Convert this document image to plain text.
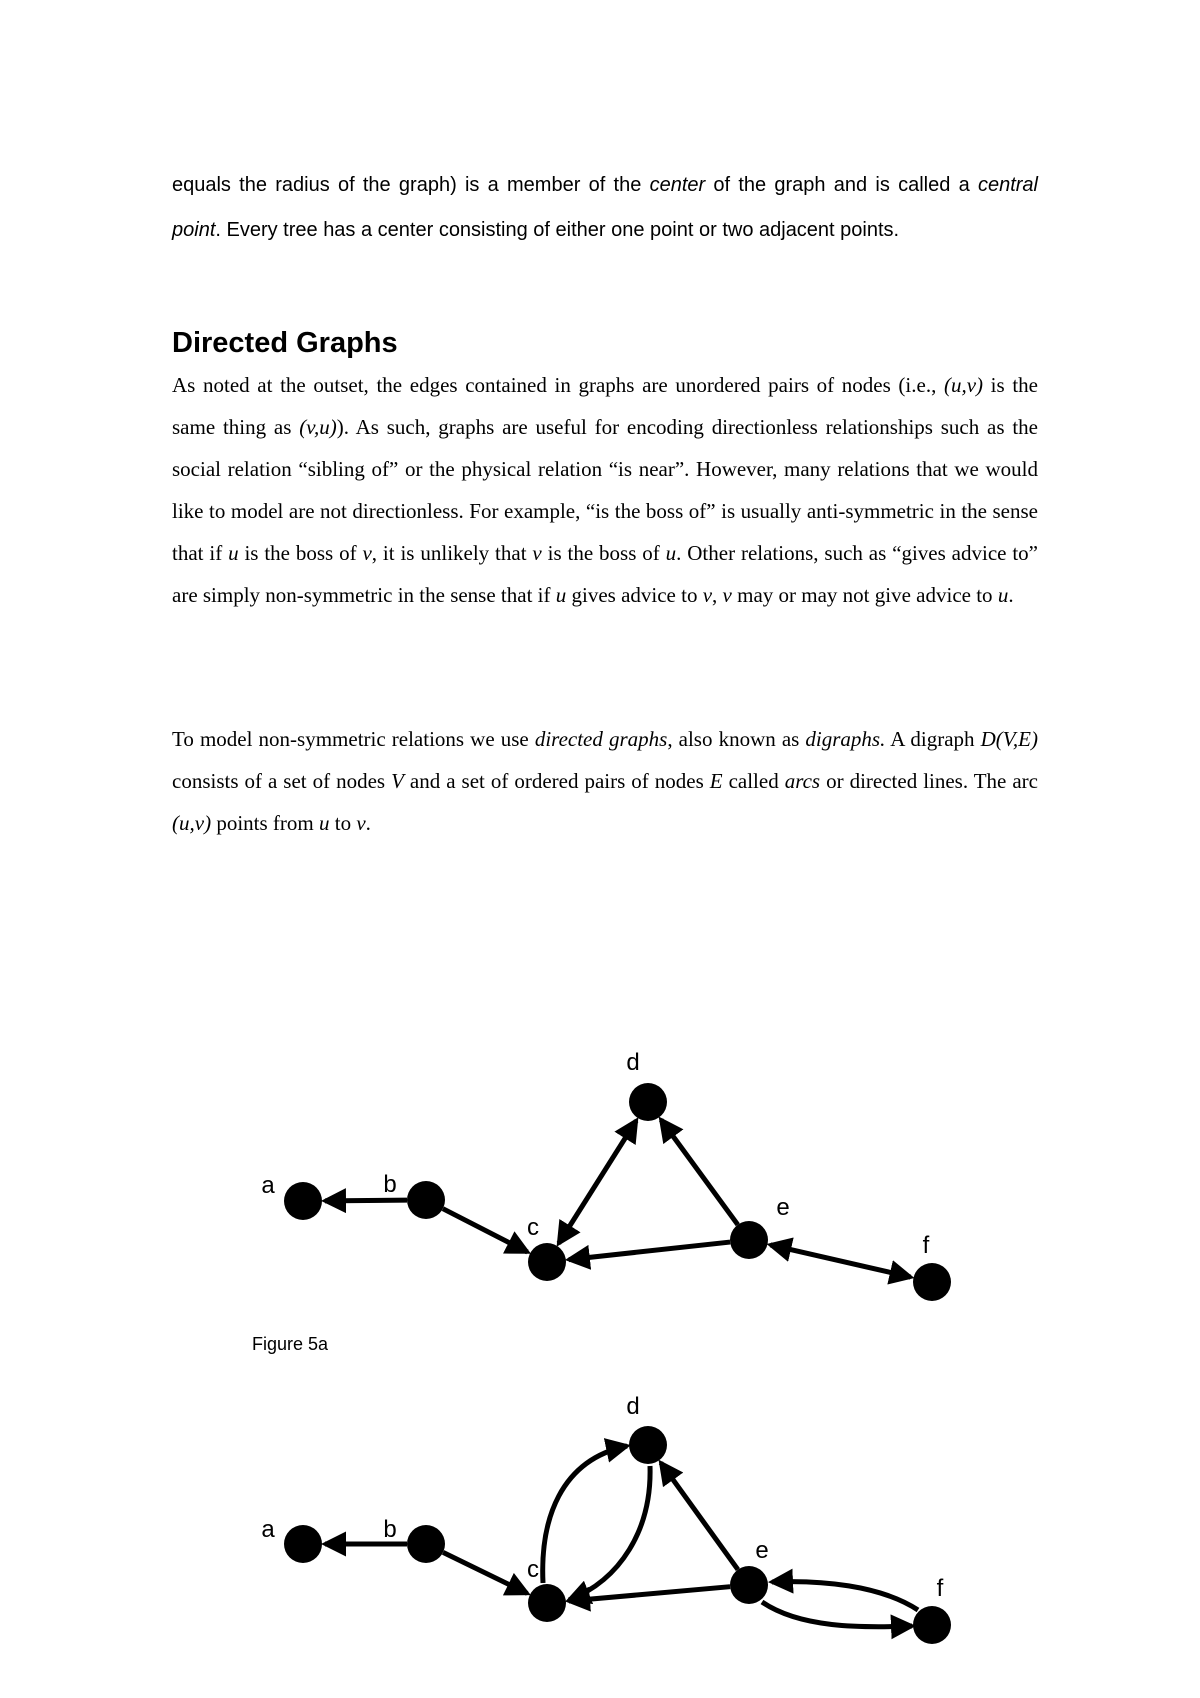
equals the radius of the graph) is a member of the center of the graph and is called a central point. Every tree has a center consisting of either one point or two adjacent points.

Directed Graphs

As noted at the outset, the edges contained in graphs are unordered pairs of nodes (i.e., (u,v) is the same thing as (v,u)). As such, graphs are useful for encoding directionless relationships such as the social relation “sibling of” or the physical relation “is near”. However, many relations that we would like to model are not directionless. For example, “is the boss of” is usually anti-symmetric in the sense that if u is the boss of v, it is unlikely that v is the boss of u. Other relations, such as “gives advice to” are simply non-symmetric in the sense that if u gives advice to v, v may or may not give advice to u.

To model non-symmetric relations we use directed graphs, also known as digraphs. A digraph D(V,E) consists of a set of nodes V and a set of ordered pairs of nodes E called arcs or directed lines. The arc (u,v) points from u to v.

a	b
c
d
e
f
Figure 5a
a	b
c
d
e
f
